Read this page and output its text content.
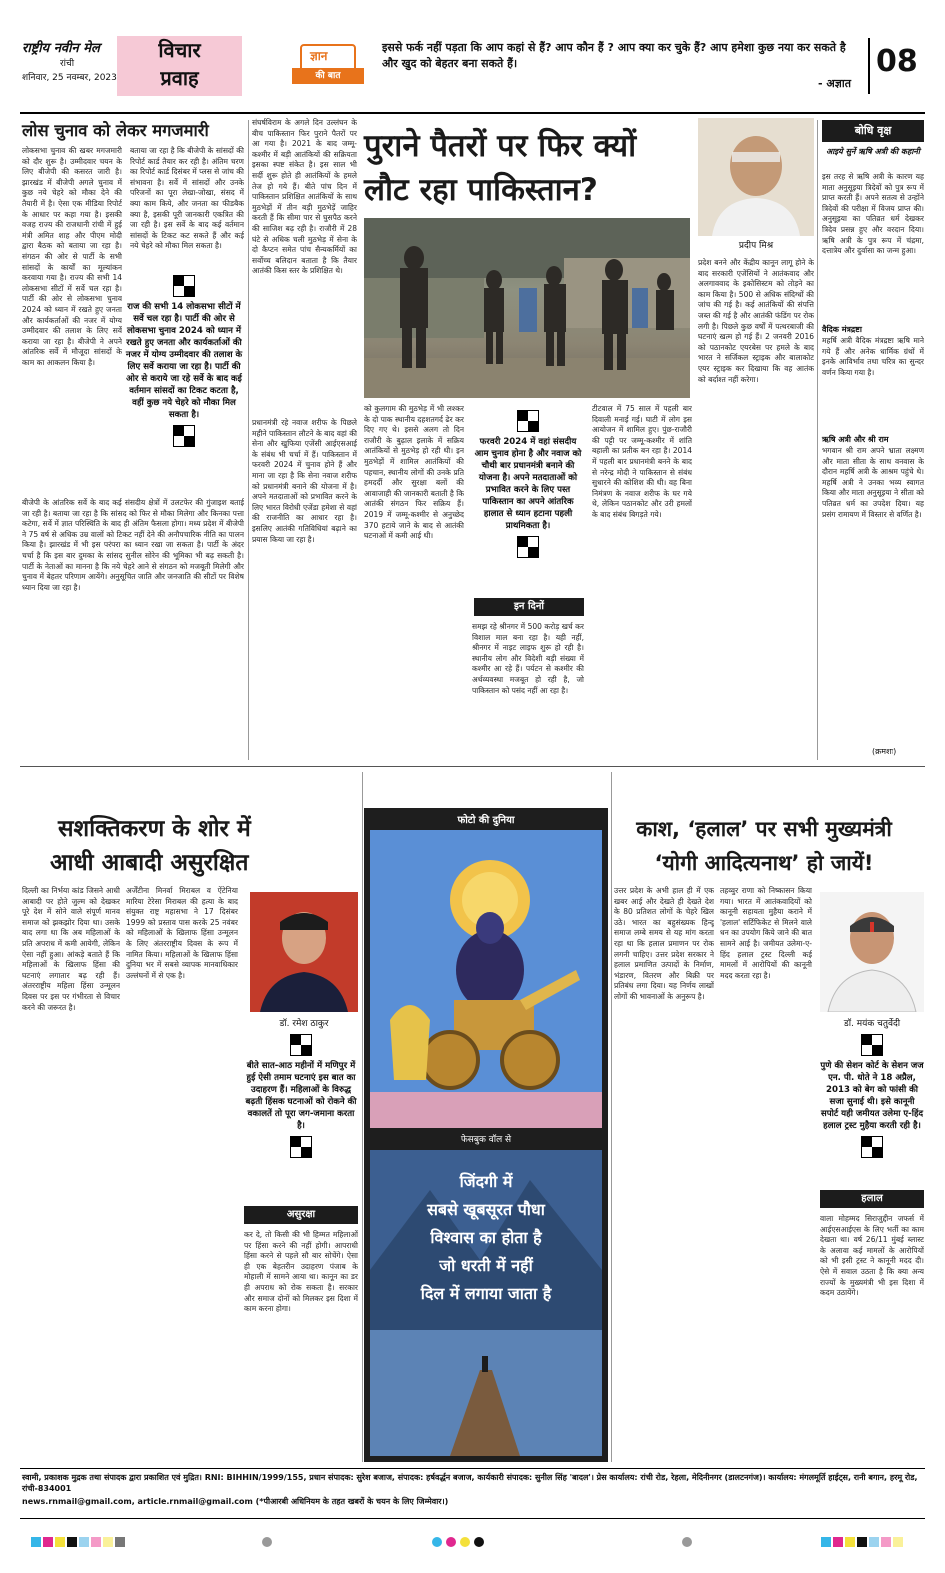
राष्ट्रीय नवीन मेल
रांची
शनिवार, 25 नवम्बर, 2023
विचार
प्रवाह
ज्ञान
की बात
इससे फर्क नहीं पड़ता कि आप कहां से हैं? आप कौन हैं ? आप क्या कर चुके हैं? आप हमेशा कुछ नया कर सकते है और खुद को बेहतर बना सकते हैं।
- अज्ञात
08
लोस चुनाव को लेकर मगजमारी
लोकसभा चुनाव की खबर मगजमारी को दौर शुरू है। उम्मीदवार चयन के लिए बीजेपी की कसरत जारी है। झारखंड में बीजेपी अगले चुनाव में कुछ नये चेहरे को मौका देने की तैयारी में है। ऐसा एक मीडिया रिपोर्ट के आधार पर कहा गया है। इसकी वजह राज्य की राजधानी रांची में हुई मंत्री अमित शाह और पीएम मोदी द्वारा बैठक को बताया जा रहा है। संगठन की ओर से पार्टी के सभी सांसदों के कार्यों का मूल्यांकन करवाया गया है। राज्य की सभी 14 लोकसभा सीटों में सर्वे चल रहा है। पार्टी की ओर से लोकसभा चुनाव 2024 को ध्यान में रखते हुए जनता और कार्यकर्ताओं की नजर में योग्य उम्मीदवार की तलाश के लिए सर्वे कराया जा रहा है। बीजेपी ने अपने आंतरिक सर्वे में मौजूदा सांसदों के काम का आकलन किया है।
बताया जा रहा है कि बीजेपी के सांसदों की रिपोर्ट कार्ड तैयार कर रही है। अंतिम चरण का रिपोर्ट कार्ड दिसंबर में प्लस से जांच की संभावना है। सर्वे में सांसदों और उनके परिजनों का पूरा लेखा-जोखा, संसद में क्या काम किये, और जनता का फीडबैक क्या है, इसकी पूरी जानकारी एकत्रित की जा रही है। इस सर्वे के बाद कई वर्तमान सांसदों के टिकट कट सकते हैं और कई नये चेहरे को मौका मिल सकता है।
राज की सभी 14 लोकसभा सीटों में सर्वे चल रहा है। पार्टी की ओर से लोकसभा चुनाव 2024 को ध्यान में रखते हुए जनता और कार्यकर्ताओं की नजर में योग्य उम्मीदवार की तलाश के लिए सर्वे कराया जा रहा है। पार्टी की ओर से कराये जा रहे सर्वे के बाद कई वर्तमान सांसदों का टिकट कटता है, वहीं कुछ नये चेहरे को मौका मिल सकता है।
बीजेपी के आंतरिक सर्वे के बाद कई संसदीय क्षेत्रों में उलटफेर की गुंजाइश बताई जा रही है। बताया जा रहा है कि सांसद को फिर से मौका मिलेगा और किनका पत्ता कटेगा, सर्वे में ज्ञात परिस्थिति के बाद ही अंतिम फैसला होगा। मध्य प्रदेश में बीजेपी ने 75 वर्ष से अधिक उम्र वालों को टिकट नहीं देने की अनौपचारिक नीति का पालन किया है। झारखंड में भी इस परंपरा का ध्यान रखा जा सकता है। पार्टी के अंदर चर्चा है कि इस बार दुमका के सांसद सुनील सोरेन की भूमिका भी बढ़ सकती है। पार्टी के नेताओं का मानना है कि नये चेहरे आने से संगठन को मजबूती मिलेगी और चुनाव में बेहतर परिणाम आयेंगे। अनुसूचित जाति और जनजाति की सीटों पर विशेष ध्यान दिया जा रहा है।
संघर्षविराम के अगले दिन उल्लंघन के बीच पाकिस्तान फिर पुराने पैतरों पर आ गया है। 2021 के बाद जम्मू-कश्मीर में बड़ी आतंकियों की सक्रियता इसका स्पष्ट संकेत है। इस साल भी सर्दी शुरू होते ही आतंकियों के हमले तेज हो गये हैं। बीते पांच दिन में पाकिस्तान प्रशिक्षित आतंकियों के साथ मुठभेड़ों में तीन बड़ी मुठभेड़ें जाहिर करती हैं कि सीमा पार से घुसपैठ करने की साजिश बढ़ रही है। राजौरी में 28 घंटे से अधिक चली मुठभेड़ में सेना के दो कैप्टन समेत पांच सैन्यकर्मियों का सर्वोच्च बलिदान बताता है कि तैयार आतंकी किस स्तर के प्रशिक्षित थे।
पुराने पैतरों पर फिर क्यों
लौट रहा पाकिस्तान?
प्रदीप मिश्र
प्रधानमंत्री रहे नवाज शरीफ के पिछले महीने पाकिस्तान लौटने के बाद वहां की सेना और खुफिया एजेंसी आईएसआई के संबंध भी चर्चा में हैं। पाकिस्तान में फरवरी 2024 में चुनाव होने हैं और माना जा रहा है कि सेना नवाज शरीफ को प्रधानमंत्री बनाने की योजना में है। अपने मतदाताओं को प्रभावित करने के लिए भारत विरोधी एजेंडा हमेशा से वहां की राजनीति का आधार रहा है। इसलिए आतंकी गतिविधियां बढ़ाने का प्रयास किया जा रहा है।
को कुलगाम की मुठभेड़ में भी लश्कर के दो पाक स्थानीय दहशतगर्द ढेर कर दिए गए थे। इससे अलग तो दिन राजौरी के बुढ़ाल इलाके में सक्रिय आतंकियों से मुठभेड़ हो रही थी। इन मुठभेड़ों में शामिल आतंकियों की पहचान, स्थानीय लोगों की उनके प्रति हमदर्दी और सुरक्षा बलों की आवाजाही की जानकारी बताती है कि आतंकी संगठन फिर सक्रिय हैं। 2019 में जम्मू-कश्मीर से अनुच्छेद 370 हटाये जाने के बाद से आतंकी घटनाओं में कमी आई थी।
फरवरी 2024 में वहां संसदीय आम चुनाव होना है और नवाज को चौथी बार प्रधानमंत्री बनाने की योजना है। अपने मतदाताओं को प्रभावित करने के लिए पस्त पाकिस्तान का अपने आंतरिक हालात से ध्यान हटाना पहली प्राथमिकता है।
इन दिनों
समझ रहे श्रीनगर में 500 करोड़ खर्च कर विशाल माल बना रहा है। यही नहीं, श्रीनगर में नाइट लाइफ शुरू हो रही है। स्थानीय लोग और विदेशी बड़ी संख्या में कश्मीर आ रहे हैं। पर्यटन से कश्मीर की अर्थव्यवस्था मजबूत हो रही है, जो पाकिस्तान को पसंद नहीं आ रहा है।
टीटवाल में 75 साल में पहली बार दिवाली मनाई गई। घाटी में लोग इस आयोजन में शामिल हुए। पुंछ-राजौरी की पट्टी पर जम्मू-कश्मीर में शांति बहाली का प्रतीक बन रहा है। 2014 में पहली बार प्रधानमंत्री बनने के बाद से नरेन्द्र मोदी ने पाकिस्तान से संबंध सुधारने की कोशिश की थी। वह बिना निमंत्रण के नवाज शरीफ के घर गये थे, लेकिन पठानकोट और उरी हमलों के बाद संबंध बिगड़ते गये।
प्रदेश बनने और केंद्रीय कानून लागू होने के बाद सरकारी एजेंसियों ने आतंकवाद और अलगाववाद के इकोसिस्टम को तोड़ने का काम किया है। 500 से अधिक संदिग्धों की जांच की गई है। कई आतंकियों की संपत्ति जब्त की गई है और आतंकी फंडिंग पर रोक लगी है। पिछले कुछ वर्षों में पत्थरबाजी की घटनाएं खत्म हो गई हैं। 2 जनवरी 2016 को पठानकोट एयरबेस पर हमले के बाद भारत ने सर्जिकल स्ट्राइक और बालाकोट एयर स्ट्राइक कर दिखाया कि वह आतंक को बर्दाश्त नहीं करेगा।
बोधि वृक्ष
आइये सुनें ऋषि अत्री की कहानी
इस तरह से ऋषि अत्री के कारण यह माता अनुसूइया त्रिदेवों को पुत्र रूप में प्राप्त करती हैं। अपने सतत्व से उन्होंने त्रिदेवों की परीक्षा में विजय प्राप्त की। अनुसूइया का पतिव्रत धर्म देखकर त्रिदेव प्रसन्न हुए और वरदान दिया। ऋषि अत्री के पुत्र रूप में चंद्रमा, दत्तात्रेय और दुर्वासा का जन्म हुआ।
वैदिक मंत्रद्रष्टा
महर्षि अत्री वैदिक मंत्रद्रष्टा ऋषि माने गये हैं और अनेक धार्मिक ग्रंथों में इनके आविर्भाव तथा चरित्र का सुन्दर वर्णन किया गया है।
ऋषि अत्री और श्री राम
भगवान श्री राम अपने भ्राता लक्ष्मण और माता सीता के साथ वनवास के दौरान महर्षि अत्री के आश्रम पहुंचे थे। महर्षि अत्री ने उनका भव्य स्वागत किया और माता अनुसूइया ने सीता को पतिव्रत धर्म का उपदेश दिया। यह प्रसंग रामायण में विस्तार से वर्णित है।
(क्रमशः)
सशक्तिकरण के शोर में
आधी आबादी असुरक्षित
दिल्ली का निर्भया कांड जिसने आधी आबादी पर होते जुल्म को देखकर पूरे देश में सोने वाले संपूर्ण मानव समाज को झकझोर दिया था। उसके बाद लगा था कि अब महिलाओं के प्रति अपराध में कमी आयेगी, लेकिन ऐसा नहीं हुआ। आंकड़े बताते हैं कि महिलाओं के खिलाफ हिंसा की घटनाएं लगातार बढ़ रही हैं। अंतरराष्ट्रीय महिला हिंसा उन्मूलन दिवस पर इस पर गंभीरता से विचार करने की जरूरत है।
अर्जेंटीना मिनर्वा मिराबल व ऐंटेनिया मारिया टेरेसा मिराबल की हत्या के बाद संयुक्त राष्ट्र महासभा ने 17 दिसंबर 1999 को प्रस्ताव पास करके 25 नवंबर को महिलाओं के खिलाफ हिंसा उन्मूलन के लिए अंतरराष्ट्रीय दिवस के रूप में नामित किया। महिलाओं के खिलाफ हिंसा दुनिया भर में सबसे व्यापक मानवाधिकार उल्लंघनों में से एक है।
डॉ. रमेश ठाकुर
बीते सात-आठ महीनों में मणिपुर में हुई ऐसी तमाम घटनाएं इस बात का उदाहरण हैं। महिलाओं के विरुद्ध बढ़ती हिंसक घटनाओं को रोकने की वकालतें तो पूरा जग-जमाना करता है।
असुरक्षा
कर दे, तो किसी की भी हिम्मत महिलाओं पर हिंसा करने की नहीं होगी। आपराधी हिंसा करने से पहले सौ बार सोचेंगे। ऐसा ही एक बेहतरीन उदाहरण पंजाब के मोहाली में सामने आया था। कानून का डर ही अपराध को रोक सकता है। सरकार और समाज दोनों को मिलकर इस दिशा में काम करना होगा।
फोटो की दुनिया
फेसबुक वॉल से
जिंदगी में
सबसे खूबसूरत पौधा
विश्वास का होता है
जो धरती में नहीं
दिल में लगाया जाता है
काश, ‘हलाल’ पर सभी मुख्यमंत्री
‘योगी आदित्यनाथ’ हो जायें!
उत्तर प्रदेश के अभी हाल ही में एक खबर आई और देखते ही देखते देश के 80 प्रतिशत लोगों के चेहरे खिल उठे। भारत का बहुसंख्यक हिन्दू समाज लम्बे समय से यह मांग करता रहा था कि हलाल प्रमाणन पर रोक लगनी चाहिए। उत्तर प्रदेश सरकार ने हलाल प्रमाणित उत्पादों के निर्माण, भंडारण, वितरण और बिक्री पर प्रतिबंध लगा दिया। यह निर्णय लाखों लोगों की भावनाओं के अनुरूप है।
तहव्वुर राणा को निष्कासन किया गया। भारत में आतंकवादियों को कानूनी सहायता मुहैया कराने में 'हलाल' सर्टिफिकेट से मिलने वाले धन का उपयोग किये जाने की बात सामने आई है। जमीयत उलेमा-ए-हिंद हलाल ट्रस्ट दिल्ली कई मामलों में आरोपियों की कानूनी मदद करता रहा है।
डॉ. मयंक चतुर्वेदी
पुणे की सेशन कोर्ट के सेशन जज एन. पी. धोते ने 18 अप्रैल, 2013 को बेग को फांसी की सजा सुनाई थी। इसे कानूनी सपोर्ट यही जमीयत उलेमा ए-हिंद हलाल ट्रस्ट मुहैया करती रही है।
हलाल
वाला मोहम्मद सिराजुद्दीन जफर्स में आईएसआईएस के लिए भर्ती का काम देखता था। वर्ष 26/11 मुंबई ब्लास्ट के अलावा कई मामलों के आरोपियों को भी इसी ट्रस्ट ने कानूनी मदद दी। ऐसे में सवाल उठता है कि क्या अन्य राज्यों के मुख्यमंत्री भी इस दिशा में कदम उठायेंगे।
स्वामी, प्रकाशक मुद्रक तथा संपादक द्वारा प्रकाशित एवं मुद्रित। RNI: BIHHIN/1999/155, प्रधान संपादक: सुरेश बजाज, संपादक: हर्षवर्द्धन बजाज, कार्यकारी संपादक: सुनील सिंह 'बादल'। प्रेस कार्यालय: रांची रोड, रेहला, मेदिनीनगर (डालटनगंज)। कार्यालय: मंगलमूर्ति हाईट्स, रानी बगान, हरमू रोड, रांची-834001
news.rnmail@gmail.com, article.rnmail@gmail.com (*पीआरबी अधिनियम के तहत खबरों के चयन के लिए जिम्मेवार।)
